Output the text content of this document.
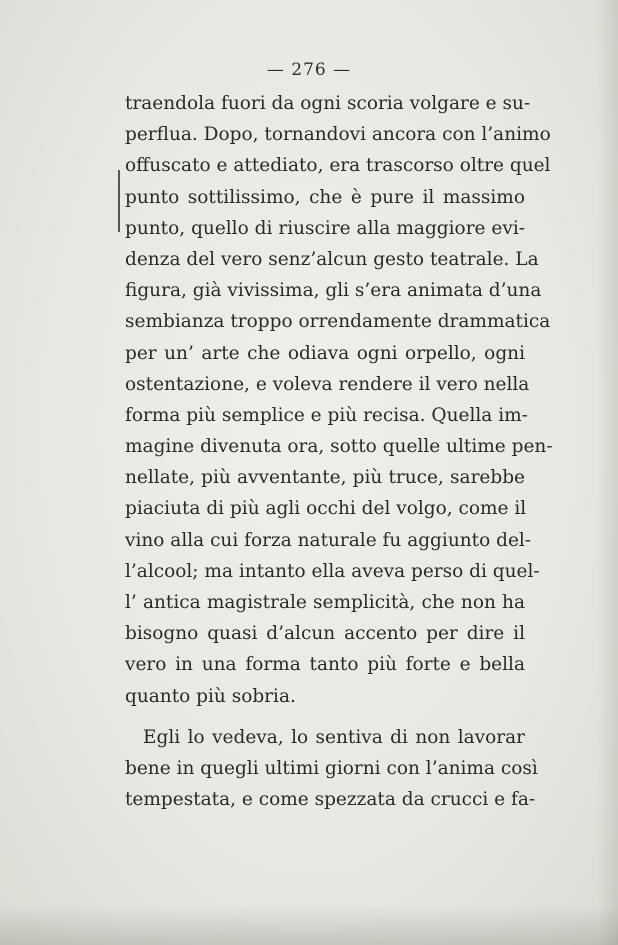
— 276 —
traendola fuori da ogni scoria volgare e su-
perflua. Dopo, tornandovi ancora con l’animo
offuscato e attediato, era trascorso oltre quel
punto sottilissimo, che è pure il massimo
punto, quello di riuscire alla maggiore evi-
denza del vero senz’alcun gesto teatrale. La
figura, già vivissima, gli s’era animata d’una
sembianza troppo orrendamente drammatica
per un’ arte che odiava ogni orpello, ogni
ostentazione, e voleva rendere il vero nella
forma più semplice e più recisa. Quella im-
magine divenuta ora, sotto quelle ultime pen-
nellate, più avventante, più truce, sarebbe
piaciuta di più agli occhi del volgo, come il
vino alla cui forza naturale fu aggiunto del-
l’alcool; ma intanto ella aveva perso di quel-
l’ antica magistrale semplicità, che non ha
bisogno quasi d’alcun accento per dire il
vero in una forma tanto più forte e bella
quanto più sobria.
Egli lo vedeva, lo sentiva di non lavorar
bene in quegli ultimi giorni con l’anima così
tempestata, e come spezzata da crucci e fa-
